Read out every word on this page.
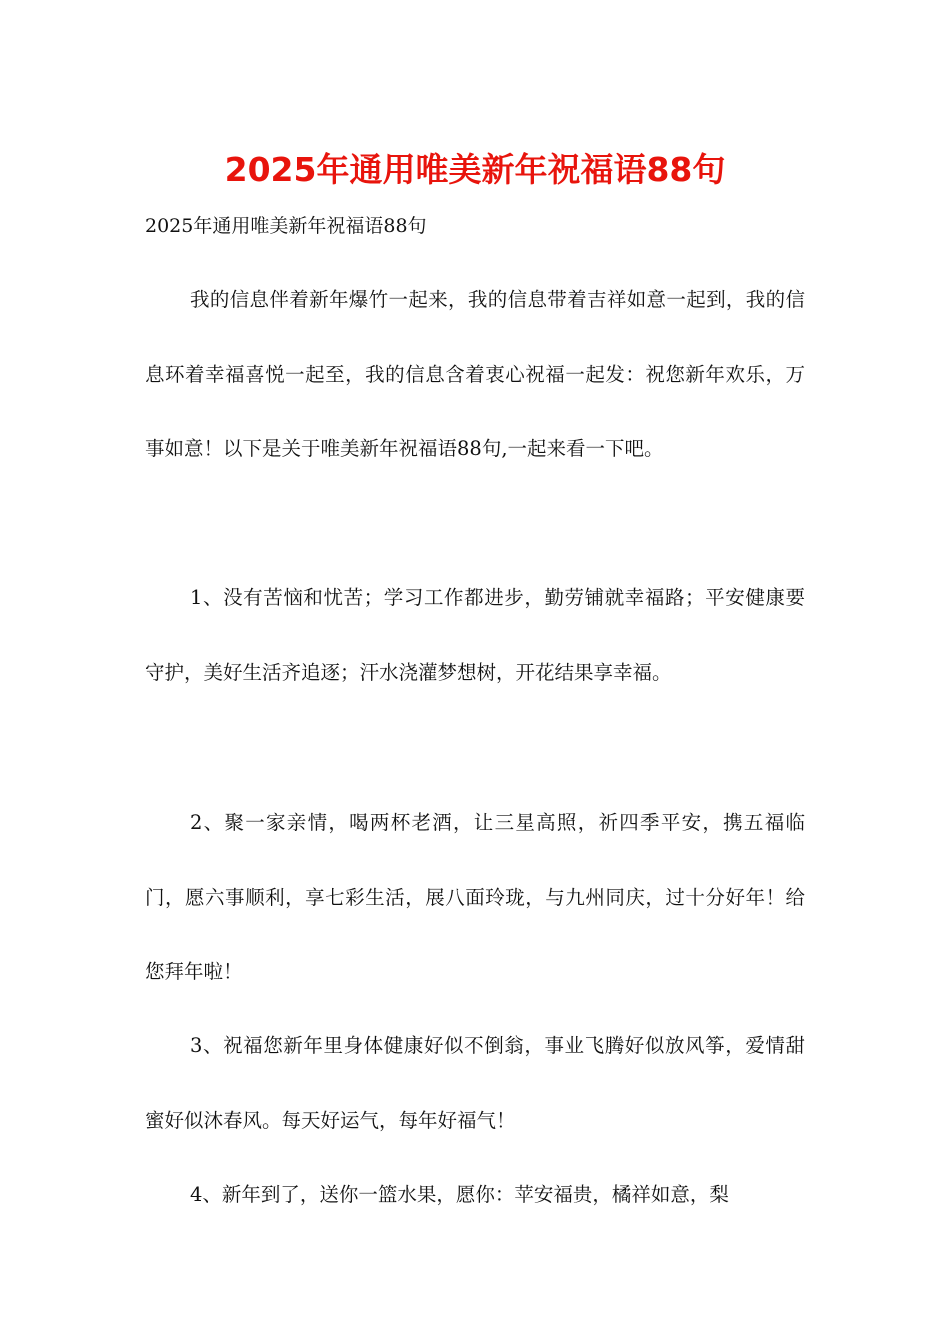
2025年通用唯美新年祝福语88句
2025年通用唯美新年祝福语88句

我的信息伴着新年爆竹一起来，我的信息带着吉祥如意一起到，我的信息环着幸福喜悦一起至，我的信息含着衷心祝福一起发：祝您新年欢乐，万事如意！以下是关于唯美新年祝福语88句,一起来看一下吧。

1、没有苦恼和忧苦；学习工作都进步，勤劳铺就幸福路；平安健康要守护，美好生活齐追逐；汗水浇灌梦想树，开花结果享幸福。

2、聚一家亲情，喝两杯老酒，让三星高照，祈四季平安，携五福临门，愿六事顺利，享七彩生活，展八面玲珑，与九州同庆，过十分好年！给您拜年啦！

3、祝福您新年里身体健康好似不倒翁，事业飞腾好似放风筝，爱情甜蜜好似沐春风。每天好运气，每年好福气！

4、新年到了，送你一篮水果，愿你：苹安福贵，橘祥如意，梨
